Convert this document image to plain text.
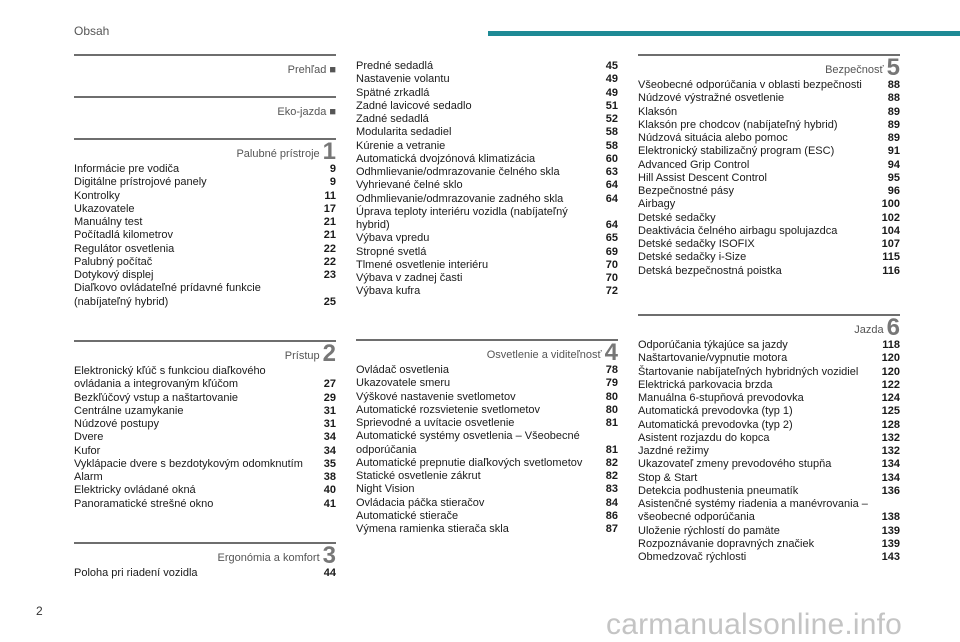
Obsah
Prehľad ■
Eko-jazda ■
Palubné prístroje 1
Informácie pre vodiča	9
Digitálne prístrojové panely	9
Kontrolky	11
Ukazovatele	17
Manuálny test	21
Počítadlá kilometrov	21
Regulátor osvetlenia	22
Palubný počítač	22
Dotykový displej	23
Diaľkovo ovládateľné prídavné funkcie
(nabíjateľný hybrid)	25
Prístup 2
Elektronický kľúč s funkciou diaľkového
ovládania a integrovaným kľúčom	27
Bezkľúčový vstup a naštartovanie	29
Centrálne uzamykanie	31
Núdzové postupy	31
Dvere	34
Kufor	34
Vyklápacie dvere s bezdotykovým odomknutím	35
Alarm	38
Elektricky ovládané okná	40
Panoramatické strešné okno	41
Ergonómia a komfort 3
Poloha pri riadení vozidla	44
Predné sedadlá	45
Nastavenie volantu	49
Spätné zrkadlá	49
Zadné lavicové sedadlo	51
Zadné sedadlá	52
Modularita sedadiel	58
Kúrenie a vetranie	58
Automatická dvojzónová klimatizácia	60
Odhmlievanie/odmrazovanie čelného skla	63
Vyhrievané čelné sklo	64
Odhmlievanie/odmrazovanie zadného skla	64
Úprava teploty interiéru vozidla (nabíjateľný
hybrid)	64
Výbava vpredu	65
Stropné svetlá	69
Tlmené osvetlenie interiéru	70
Výbava v zadnej časti	70
Výbava kufra	72
Osvetlenie a viditeľnosť 4
Ovládač osvetlenia	78
Ukazovatele smeru	79
Výškové nastavenie svetlometov	80
Automatické rozsvietenie svetlometov	80
Sprievodné a uvítacie osvetlenie	81
Automatické systémy osvetlenia – Všeobecné
odporúčania	81
Automatické prepnutie diaľkových svetlometov	82
Statické osvetlenie zákrut	82
Night Vision	83
Ovládacia páčka stieračov	84
Automatické stierače	86
Výmena ramienka stierača skla	87
Bezpečnosť 5
Všeobecné odporúčania v oblasti bezpečnosti	88
Núdzové výstražné osvetlenie	88
Klaksón	89
Klaksón pre chodcov (nabíjateľný hybrid)	89
Núdzová situácia alebo pomoc	89
Elektronický stabilizačný program (ESC)	91
Advanced Grip Control	94
Hill Assist Descent Control	95
Bezpečnostné pásy	96
Airbagy	100
Detské sedačky	102
Deaktivácia čelného airbagu spolujazdca	104
Detské sedačky ISOFIX	107
Detské sedačky i-Size	115
Detská bezpečnostná poistka	116
Jazda 6
Odporúčania týkajúce sa jazdy	118
Naštartovanie/vypnutie motora	120
Štartovanie nabíjateľných hybridných vozidiel	120
Elektrická parkovacia brzda	122
Manuálna 6-stupňová prevodovka	124
Automatická prevodovka (typ 1)	125
Automatická prevodovka (typ 2)	128
Asistent rozjazdu do kopca	132
Jazdné režimy	132
Ukazovateľ zmeny prevodového stupňa	134
Stop & Start	134
Detekcia podhustenia pneumatík	136
Asistenčné systémy riadenia a manévrovania –
všeobecné odporúčania	138
Uloženie rýchlostí do pamäte	139
Rozpoznávanie dopravných značiek	139
Obmedzovač rýchlosti	143
2	carmanualsonline.info
